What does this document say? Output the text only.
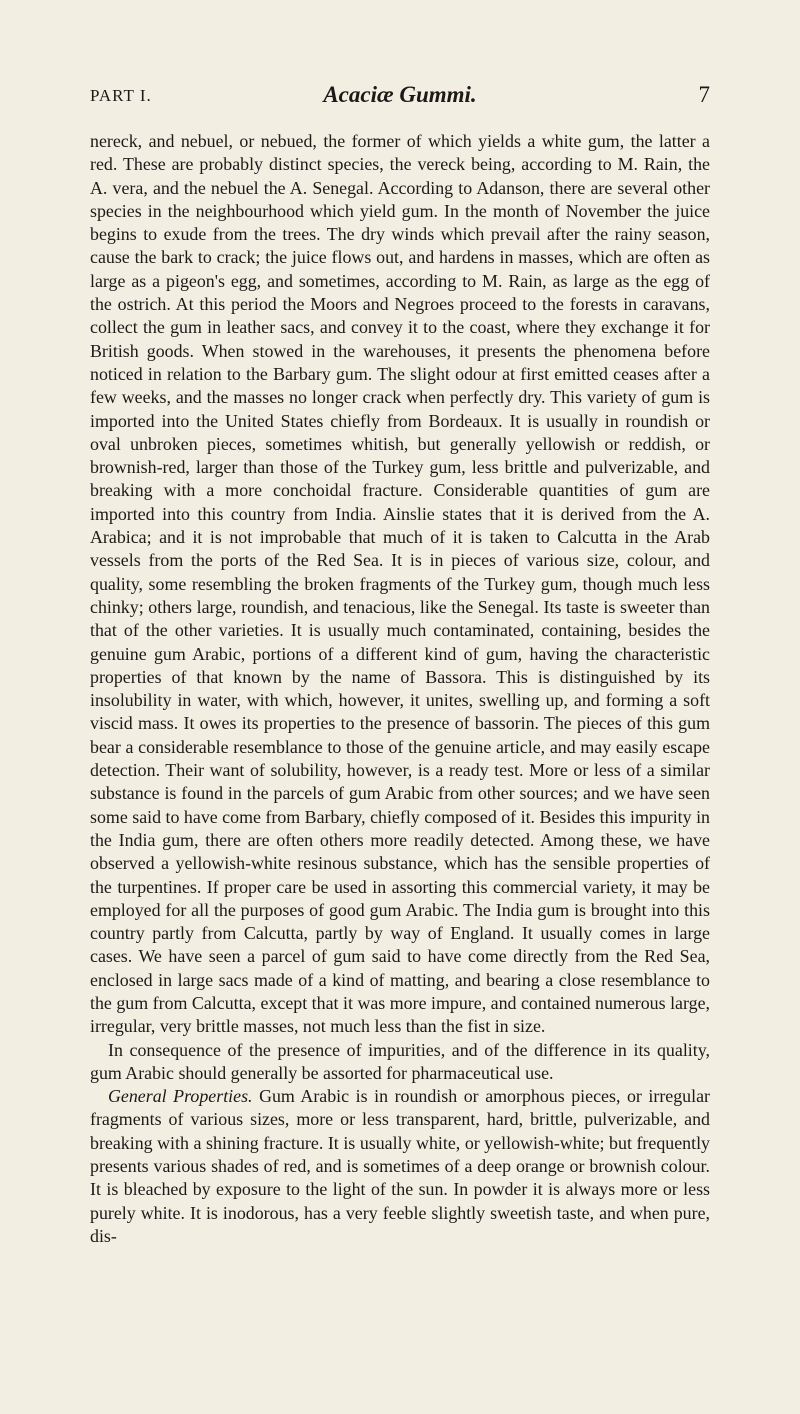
PART I.	Acaciæ Gummi.	7

nereck, and nebuel, or nebued, the former of which yields a white gum, the latter a red. These are probably distinct species, the vereck being, according to M. Rain, the A. vera, and the nebuel the A. Senegal. According to Adanson, there are several other species in the neighbourhood which yield gum. In the month of November the juice begins to exude from the trees. The dry winds which prevail after the rainy season, cause the bark to crack; the juice flows out, and hardens in masses, which are often as large as a pigeon's egg, and sometimes, according to M. Rain, as large as the egg of the ostrich. At this period the Moors and Negroes proceed to the forests in caravans, collect the gum in leather sacs, and convey it to the coast, where they exchange it for British goods. When stowed in the warehouses, it presents the phenomena before noticed in relation to the Barbary gum. The slight odour at first emitted ceases after a few weeks, and the masses no longer crack when perfectly dry. This variety of gum is imported into the United States chiefly from Bordeaux. It is usually in roundish or oval unbroken pieces, sometimes whitish, but generally yellowish or reddish, or brownish-red, larger than those of the Turkey gum, less brittle and pulverizable, and breaking with a more conchoidal fracture. Considerable quantities of gum are imported into this country from India. Ainslie states that it is derived from the A. Arabica; and it is not improbable that much of it is taken to Calcutta in the Arab vessels from the ports of the Red Sea. It is in pieces of various size, colour, and quality, some resembling the broken fragments of the Turkey gum, though much less chinky; others large, roundish, and tenacious, like the Senegal. Its taste is sweeter than that of the other varieties. It is usually much contaminated, containing, besides the genuine gum Arabic, portions of a different kind of gum, having the characteristic properties of that known by the name of Bassora. This is distinguished by its insolubility in water, with which, however, it unites, swelling up, and forming a soft viscid mass. It owes its properties to the presence of bassorin. The pieces of this gum bear a considerable resemblance to those of the genuine article, and may easily escape detection. Their want of solubility, however, is a ready test. More or less of a similar substance is found in the parcels of gum Arabic from other sources; and we have seen some said to have come from Barbary, chiefly composed of it. Besides this impurity in the India gum, there are often others more readily detected. Among these, we have observed a yellowish-white resinous substance, which has the sensible properties of the turpentines. If proper care be used in assorting this commercial variety, it may be employed for all the purposes of good gum Arabic. The India gum is brought into this country partly from Calcutta, partly by way of England. It usually comes in large cases. We have seen a parcel of gum said to have come directly from the Red Sea, enclosed in large sacs made of a kind of matting, and bearing a close resemblance to the gum from Calcutta, except that it was more impure, and contained numerous large, irregular, very brittle masses, not much less than the fist in size.

In consequence of the presence of impurities, and of the difference in its quality, gum Arabic should generally be assorted for pharmaceutical use.

General Properties. Gum Arabic is in roundish or amorphous pieces, or irregular fragments of various sizes, more or less transparent, hard, brittle, pulverizable, and breaking with a shining fracture. It is usually white, or yellowish-white; but frequently presents various shades of red, and is sometimes of a deep orange or brownish colour. It is bleached by exposure to the light of the sun. In powder it is always more or less purely white. It is inodorous, has a very feeble slightly sweetish taste, and when pure, dis-
